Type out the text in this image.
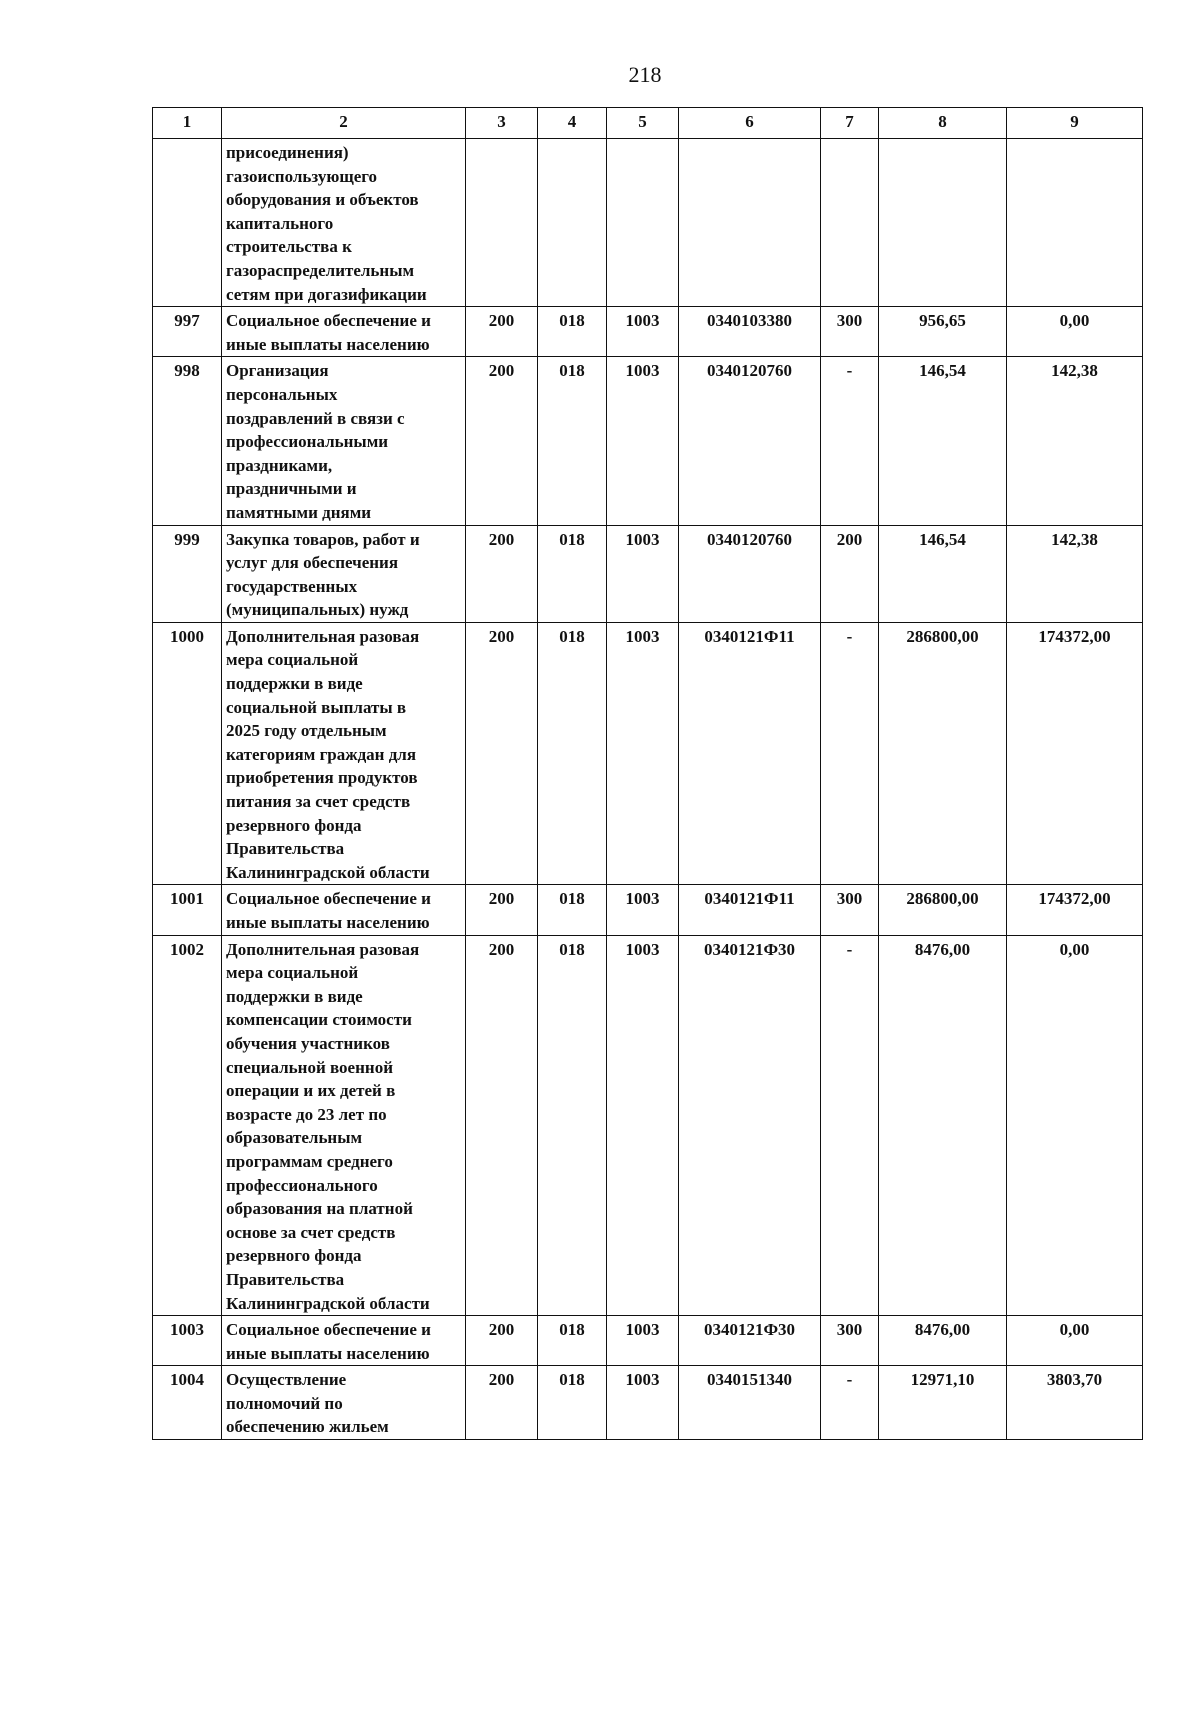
218
1	2	3	4	5	6	7	8	9

	присоединения) газоиспользующего оборудования и объектов капитального строительства к газораспределительным сетям при догазификации							

997	Социальное обеспечение и иные выплаты населению	200	018	1003	0340103380	300	956,65	0,00
998	Организация персональных поздравлений в связи с профессиональными праздниками, праздничными и памятными днями	200	018	1003	0340120760	-	146,54	142,38
999	Закупка товаров, работ и услуг для обеспечения государственных (муниципальных) нужд	200	018	1003	0340120760	200	146,54	142,38
1000	Дополнительная разовая мера социальной поддержки в виде социальной выплаты в 2025 году отдельным категориям граждан для приобретения продуктов питания за счет средств резервного фонда Правительства Калининградской области	200	018	1003	0340121Ф11	-	286800,00	174372,00
1001	Социальное обеспечение и иные выплаты населению	200	018	1003	0340121Ф11	300	286800,00	174372,00
1002	Дополнительная разовая мера социальной поддержки в виде компенсации стоимости обучения участников специальной военной операции и их детей в возрасте до 23 лет по образовательным программам среднего профессионального образования на платной основе за счет средств резервного фонда Правительства Калининградской области	200	018	1003	0340121Ф30	-	8476,00	0,00
1003	Социальное обеспечение и иные выплаты населению	200	018	1003	0340121Ф30	300	8476,00	0,00
1004	Осуществление полномочий по обеспечению жильем	200	018	1003	0340151340	-	12971,10	3803,70
